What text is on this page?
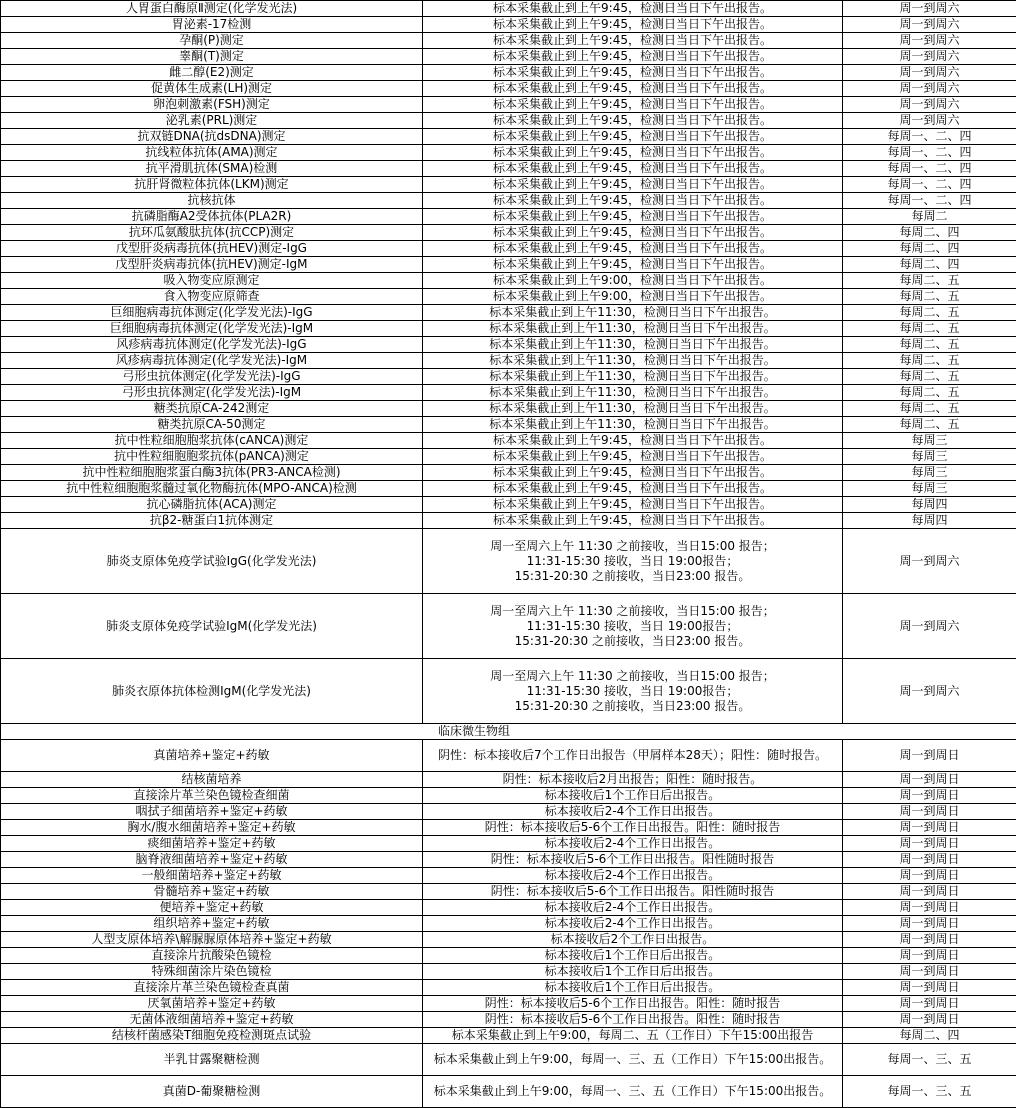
人胃蛋白酶原Ⅱ测定(化学发光法)	标本采集截止到上午9:45，检测日当日下午出报告。	周一到周六
胃泌素-17检测	标本采集截止到上午9:45，检测日当日下午出报告。	周一到周六
孕酮(P)测定	标本采集截止到上午9:45，检测日当日下午出报告。	周一到周六
睾酮(T)测定	标本采集截止到上午9:45，检测日当日下午出报告。	周一到周六
雌二醇(E2)测定	标本采集截止到上午9:45，检测日当日下午出报告。	周一到周六
促黄体生成素(LH)测定	标本采集截止到上午9:45，检测日当日下午出报告。	周一到周六
卵泡刺激素(FSH)测定	标本采集截止到上午9:45，检测日当日下午出报告。	周一到周六
泌乳素(PRL)测定	标本采集截止到上午9:45，检测日当日下午出报告。	周一到周六
抗双链DNA(抗dsDNA)测定	标本采集截止到上午9:45，检测日当日下午出报告。	每周一、二、四
抗线粒体抗体(AMA)测定	标本采集截止到上午9:45，检测日当日下午出报告。	每周一、二、四
抗平滑肌抗体(SMA)检测	标本采集截止到上午9:45，检测日当日下午出报告。	每周一、二、四
抗肝肾微粒体抗体(LKM)测定	标本采集截止到上午9:45，检测日当日下午出报告。	每周一、二、四
抗核抗体	标本采集截止到上午9:45，检测日当日下午出报告。	每周一、二、四
抗磷脂酶A2受体抗体(PLA2R)	标本采集截止到上午9:45，检测日当日下午出报告。	每周二
抗环瓜氨酸肽抗体(抗CCP)测定	标本采集截止到上午9:45，检测日当日下午出报告。	每周二、四
戊型肝炎病毒抗体(抗HEV)测定-IgG	标本采集截止到上午9:45，检测日当日下午出报告。	每周二、四
戊型肝炎病毒抗体(抗HEV)测定-IgM	标本采集截止到上午9:45，检测日当日下午出报告。	每周二、四
吸入物变应原测定	标本采集截止到上午9:00，检测日当日下午出报告。	每周二、五
食入物变应原筛查	标本采集截止到上午9:00，检测日当日下午出报告。	每周二、五
巨细胞病毒抗体测定(化学发光法)-IgG	标本采集截止到上午11:30，检测日当日下午出报告。	每周二、五
巨细胞病毒抗体测定(化学发光法)-IgM	标本采集截止到上午11:30，检测日当日下午出报告。	每周二、五
风疹病毒抗体测定(化学发光法)-IgG	标本采集截止到上午11:30，检测日当日下午出报告。	每周二、五
风疹病毒抗体测定(化学发光法)-IgM	标本采集截止到上午11:30，检测日当日下午出报告。	每周二、五
弓形虫抗体测定(化学发光法)-IgG	标本采集截止到上午11:30，检测日当日下午出报告。	每周二、五
弓形虫抗体测定(化学发光法)-IgM	标本采集截止到上午11:30，检测日当日下午出报告。	每周二、五
糖类抗原CA-242测定	标本采集截止到上午11:30，检测日当日下午出报告。	每周二、五
糖类抗原CA-50测定	标本采集截止到上午11:30，检测日当日下午出报告。	每周二、五
抗中性粒细胞胞浆抗体(cANCA)测定	标本采集截止到上午9:45，检测日当日下午出报告。	每周三
抗中性粒细胞胞浆抗体(pANCA)测定	标本采集截止到上午9:45，检测日当日下午出报告。	每周三
抗中性粒细胞胞浆蛋白酶3抗体(PR3-ANCA检测)	标本采集截止到上午9:45，检测日当日下午出报告。	每周三
抗中性粒细胞胞浆髓过氧化物酶抗体(MPO-ANCA)检测	标本采集截止到上午9:45，检测日当日下午出报告。	每周三
抗心磷脂抗体(ACA)测定	标本采集截止到上午9:45，检测日当日下午出报告。	每周四
抗β2-糖蛋白1抗体测定	标本采集截止到上午9:45，检测日当日下午出报告。	每周四
肺炎支原体免疫学试验IgG(化学发光法)	周一至周六上午 11:30 之前接收，当日15:00 报告；
11:31-15:30 接收，当日 19:00报告；
15:31-20:30 之前接收，当日23:00 报告。	周一到周六
肺炎支原体免疫学试验IgM(化学发光法)	周一至周六上午 11:30 之前接收，当日15:00 报告；
11:31-15:30 接收，当日 19:00报告；
15:31-20:30 之前接收，当日23:00 报告。	周一到周六
肺炎衣原体抗体检测IgM(化学发光法)	周一至周六上午 11:30 之前接收，当日15:00 报告；
11:31-15:30 接收，当日 19:00报告；
15:31-20:30 之前接收，当日23:00 报告。	周一到周六
临床微生物组		
真菌培养+鉴定+药敏	阴性：标本接收后7个工作日出报告（甲屑样本28天）；阳性：随时报告。	周一到周日
结核菌培养	阴性：标本接收后2月出报告；阳性：随时报告。	周一到周日
直接涂片革兰染色镜检查细菌	标本接收后1个工作日后出报告。	周一到周日
咽拭子细菌培养+鉴定+药敏	标本接收后2-4个工作日出报告。	周一到周日
胸水/腹水细菌培养+鉴定+药敏	阴性：标本接收后5-6个工作日出报告。阳性：随时报告	周一到周日
痰细菌培养+鉴定+药敏	标本接收后2-4个工作日出报告。	周一到周日
脑脊液细菌培养+鉴定+药敏	阴性：标本接收后5-6个工作日出报告。阳性随时报告	周一到周日
一般细菌培养+鉴定+药敏	标本接收后2-4个工作日出报告。	周一到周日
骨髓培养+鉴定+药敏	阴性：标本接收后5-6个工作日出报告。阳性随时报告	周一到周日
便培养+鉴定+药敏	标本接收后2-4个工作日出报告。	周一到周日
组织培养+鉴定+药敏	标本接收后2-4个工作日出报告。	周一到周日
人型支原体培养\解脲脲原体培养+鉴定+药敏	标本接收后2个工作日出报告。	周一到周日
直接涂片抗酸染色镜检	标本接收后1个工作日后出报告。	周一到周日
特殊细菌涂片染色镜检	标本接收后1个工作日后出报告。	周一到周日
直接涂片革兰染色镜检查真菌	标本接收后1个工作日后出报告。	周一到周日
厌氧菌培养+鉴定+药敏	阴性：标本接收后5-6个工作日出报告。阳性：随时报告	周一到周日
无菌体液细菌培养+鉴定+药敏	阴性：标本接收后5-6个工作日出报告。阳性：随时报告	周一到周日
结核杆菌感染T细胞免疫检测斑点试验	标本采集截止到上午9:00，每周二、五（工作日）下午15:00出报告	每周二、四
半乳甘露聚糖检测	标本采集截止到上午9:00，每周一、三、五（工作日）下午15:00出报告。	每周一、三、五
真菌D-葡聚糖检测	标本采集截止到上午9:00，每周一、三、五（工作日）下午15:00出报告。	每周一、三、五
